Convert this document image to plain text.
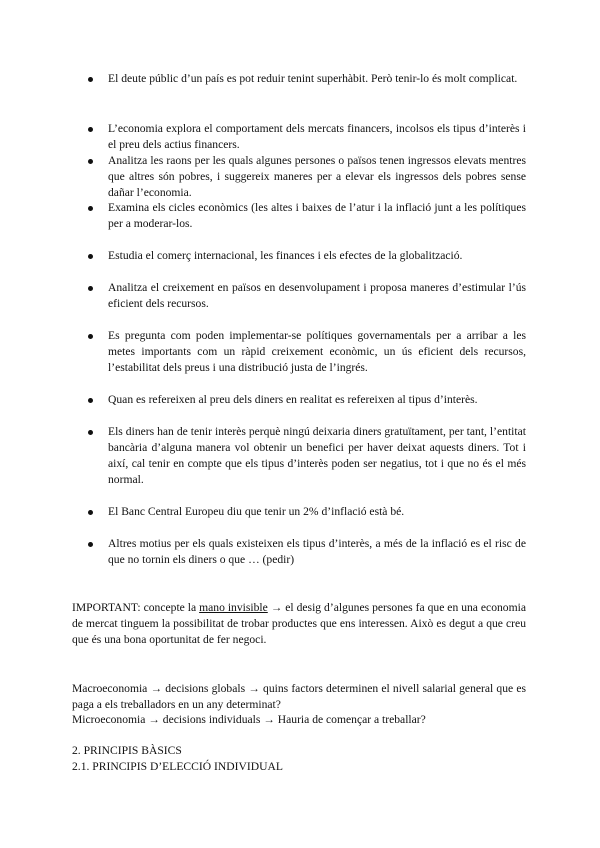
El deute públic d’un país es pot reduir tenint superhàbit. Però tenir-lo és molt complicat.
L’economia explora el comportament dels mercats financers, incolsos els tipus d’interès i el preu dels actius financers.
Analitza les raons per les quals algunes persones o països tenen ingressos elevats mentres que altres són pobres, i suggereix maneres per a elevar els ingressos dels pobres sense dañar l’economia.
Examina els cicles econòmics (les altes i baixes de l’atur i la inflació junt a les polítiques per a moderar-los.
Estudia el comerç internacional, les finances i els efectes de la globalització.
Analitza el creixement en països en desenvolupament i proposa maneres d’estimular l’ús eficient dels recursos.
Es pregunta com poden implementar-se polítiques governamentals per a arribar a les metes importants com un ràpid creixement econòmic, un ús eficient dels recursos, l’estabilitat dels preus i una distribució justa de l’ingrés.
Quan es refereixen al preu dels diners en realitat es refereixen al tipus d’interès.
Els diners han de tenir interès perquè ningú deixaria diners gratuïtament, per tant, l’entitat bancària d’alguna manera vol obtenir un benefici per haver deixat aquests diners. Tot i així, cal tenir en compte que els tipus d’interès poden ser negatius, tot i que no és el més normal.
El Banc Central Europeu diu que tenir un 2% d’inflació està bé.
Altres motius per els quals existeixen els tipus d’interès, a més de la inflació es el risc de que no tornin els diners o que … (pedir)

IMPORTANT: concepte la mano invisible → el desig d’algunes persones fa que en una economia de mercat tinguem la possibilitat de trobar productes que ens interessen. Això es degut a que creu que és una bona oportunitat de fer negoci.

Macroeconomia → decisions globals → quins factors determinen el nivell salarial general que es paga a els treballadors en un any determinat?

Microeconomia → decisions individuals → Hauria de començar a treballar?

2. PRINCIPIS BÀSICS

2.1. PRINCIPIS D’ELECCIÓ INDIVIDUAL
